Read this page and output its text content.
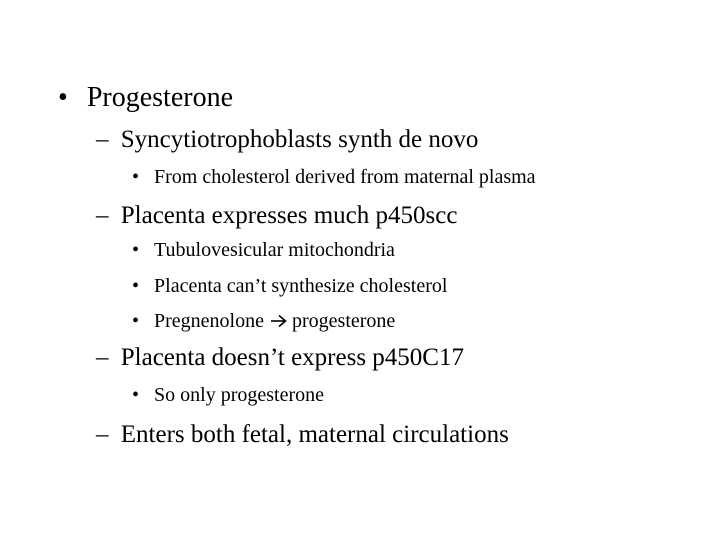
• Progesterone
– Syncytiotrophoblasts synth de novo
• From cholesterol derived from maternal plasma
– Placenta expresses much p450scc
• Tubulovesicular mitochondria
• Placenta can’t synthesize cholesterol
• Pregnenolone progesterone
– Placenta doesn’t express p450C17
• So only progesterone
– Enters both fetal, maternal circulations
